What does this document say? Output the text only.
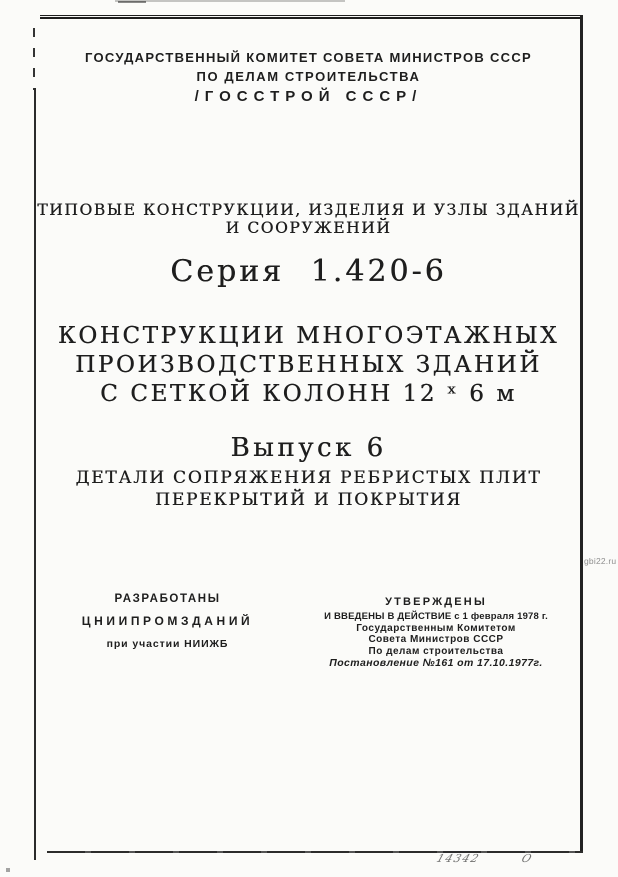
ГОСУДАРСТВЕННЫЙ КОМИТЕТ СОВЕТА МИНИСТРОВ СССР
ПО ДЕЛАМ СТРОИТЕЛЬСТВА
/ГОССТРОЙ СССР/
ТИПОВЫЕ КОНСТРУКЦИИ, ИЗДЕЛИЯ И УЗЛЫ ЗДАНИЙ
И СООРУЖЕНИЙ
Серия 1.420-6
КОНСТРУКЦИИ МНОГОЭТАЖНЫХ
ПРОИЗВОДСТВЕННЫХ ЗДАНИЙ
С СЕТКОЙ КОЛОНН 12 ˣ 6 м
Выпуск 6
ДЕТАЛИ СОПРЯЖЕНИЯ РЕБРИСТЫХ ПЛИТ
ПЕРЕКРЫТИЙ И ПОКРЫТИЯ
РАЗРАБОТАНЫ
ЦНИИПРОМЗДАНИЙ
при участии НИИЖБ
УТВЕРЖДЕНЫ
И ВВЕДЕНЫ В ДЕЙСТВИЕ с 1 февраля 1978 г.
Государственным Комитетом
Совета Министров СССР
По делам строительства
Постановление №161 от 17.10.1977г.
gbi22.ru
14342	О
